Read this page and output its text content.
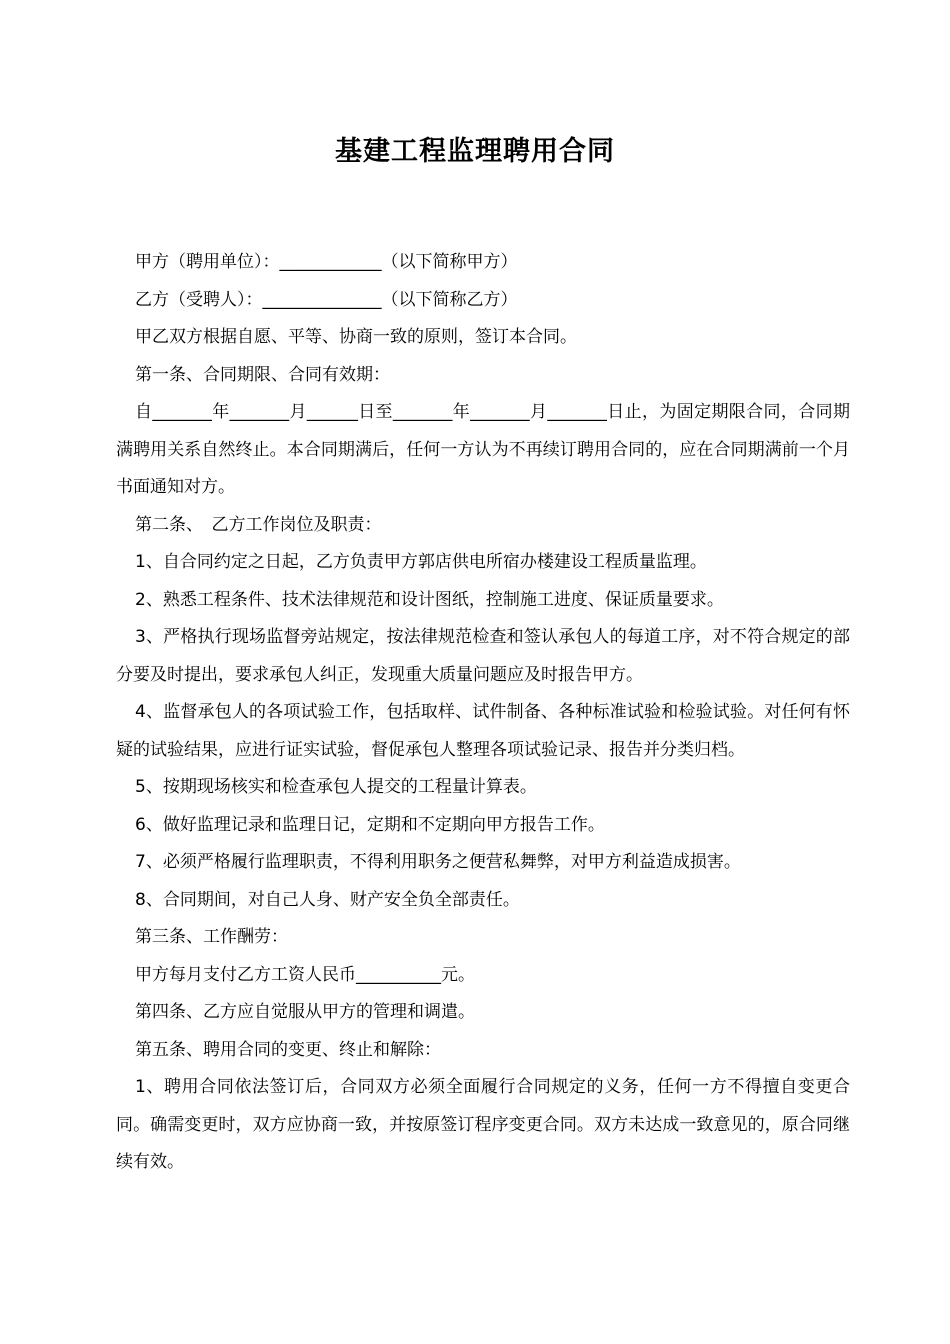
基建工程监理聘用合同

甲方（聘用单位）：____________（以下简称甲方）

乙方（受聘人）：______________（以下简称乙方）

甲乙双方根据自愿、平等、协商一致的原则，签订本合同。

第一条、合同期限、合同有效期：

自_______年_______月______日至_______年_______月_______日止，为固定期限合同，合同期满聘用关系自然终止。本合同期满后，任何一方认为不再续订聘用合同的，应在合同期满前一个月书面通知对方。

第二条、　乙方工作岗位及职责：

1、自合同约定之日起，乙方负责甲方郭店供电所宿办楼建设工程质量监理。

2、熟悉工程条件、技术法律规范和设计图纸，控制施工进度、保证质量要求。

3、严格执行现场监督旁站规定，按法律规范检查和签认承包人的每道工序，对不符合规定的部分要及时提出，要求承包人纠正，发现重大质量问题应及时报告甲方。

4、监督承包人的各项试验工作，包括取样、试件制备、各种标准试验和检验试验。对任何有怀疑的试验结果，应进行证实试验，督促承包人整理各项试验记录、报告并分类归档。

5、按期现场核实和检查承包人提交的工程量计算表。

6、做好监理记录和监理日记，定期和不定期向甲方报告工作。

7、必须严格履行监理职责，不得利用职务之便营私舞弊，对甲方利益造成损害。

8、合同期间，对自己人身、财产安全负全部责任。

第三条、工作酬劳：

甲方每月支付乙方工资人民币__________元。

第四条、乙方应自觉服从甲方的管理和调遣。

第五条、聘用合同的变更、终止和解除：

1、聘用合同依法签订后，合同双方必须全面履行合同规定的义务，任何一方不得擅自变更合同。确需变更时，双方应协商一致，并按原签订程序变更合同。双方未达成一致意见的，原合同继续有效。
